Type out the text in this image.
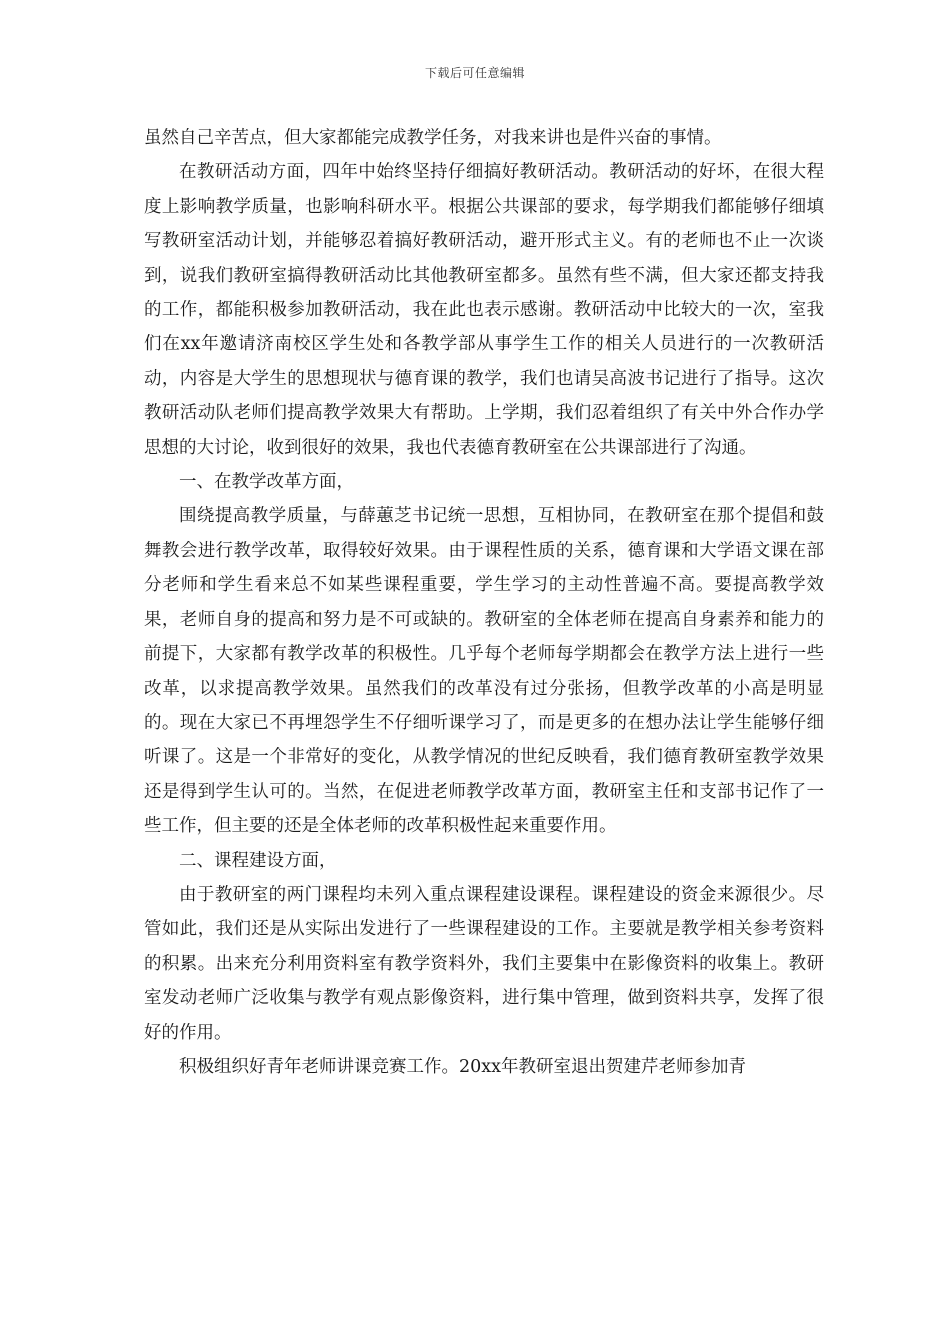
下载后可任意编辑

虽然自己辛苦点，但大家都能完成教学任务，对我来讲也是件兴奋的事情。

在教研活动方面，四年中始终坚持仔细搞好教研活动。教研活动的好坏，在很大程度上影响教学质量，也影响科研水平。根据公共课部的要求，每学期我们都能够仔细填写教研室活动计划，并能够忍着搞好教研活动，避开形式主义。有的老师也不止一次谈到，说我们教研室搞得教研活动比其他教研室都多。虽然有些不满，但大家还都支持我的工作，都能积极参加教研活动，我在此也表示感谢。教研活动中比较大的一次，室我们在xx年邀请济南校区学生处和各教学部从事学生工作的相关人员进行的一次教研活动，内容是大学生的思想现状与德育课的教学，我们也请吴高波书记进行了指导。这次教研活动队老师们提高教学效果大有帮助。上学期，我们忍着组织了有关中外合作办学思想的大讨论，收到很好的效果，我也代表德育教研室在公共课部进行了沟通。

一、在教学改革方面，

围绕提高教学质量，与薛蕙芝书记统一思想，互相协同，在教研室在那个提倡和鼓舞教会进行教学改革，取得较好效果。由于课程性质的关系，德育课和大学语文课在部分老师和学生看来总不如某些课程重要，学生学习的主动性普遍不高。要提高教学效果，老师自身的提高和努力是不可或缺的。教研室的全体老师在提高自身素养和能力的前提下，大家都有教学改革的积极性。几乎每个老师每学期都会在教学方法上进行一些改革，以求提高教学效果。虽然我们的改革没有过分张扬，但教学改革的小高是明显的。现在大家已不再埋怨学生不仔细听课学习了，而是更多的在想办法让学生能够仔细听课了。这是一个非常好的变化，从教学情况的世纪反映看，我们德育教研室教学效果还是得到学生认可的。当然，在促进老师教学改革方面，教研室主任和支部书记作了一些工作，但主要的还是全体老师的改革积极性起来重要作用。

二、课程建设方面，

由于教研室的两门课程均未列入重点课程建设课程。课程建设的资金来源很少。尽管如此，我们还是从实际出发进行了一些课程建设的工作。主要就是教学相关参考资料的积累。出来充分利用资料室有教学资料外，我们主要集中在影像资料的收集上。教研室发动老师广泛收集与教学有观点影像资料，进行集中管理，做到资料共享，发挥了很好的作用。

积极组织好青年老师讲课竞赛工作。20xx年教研室退出贺建芹老师参加青
